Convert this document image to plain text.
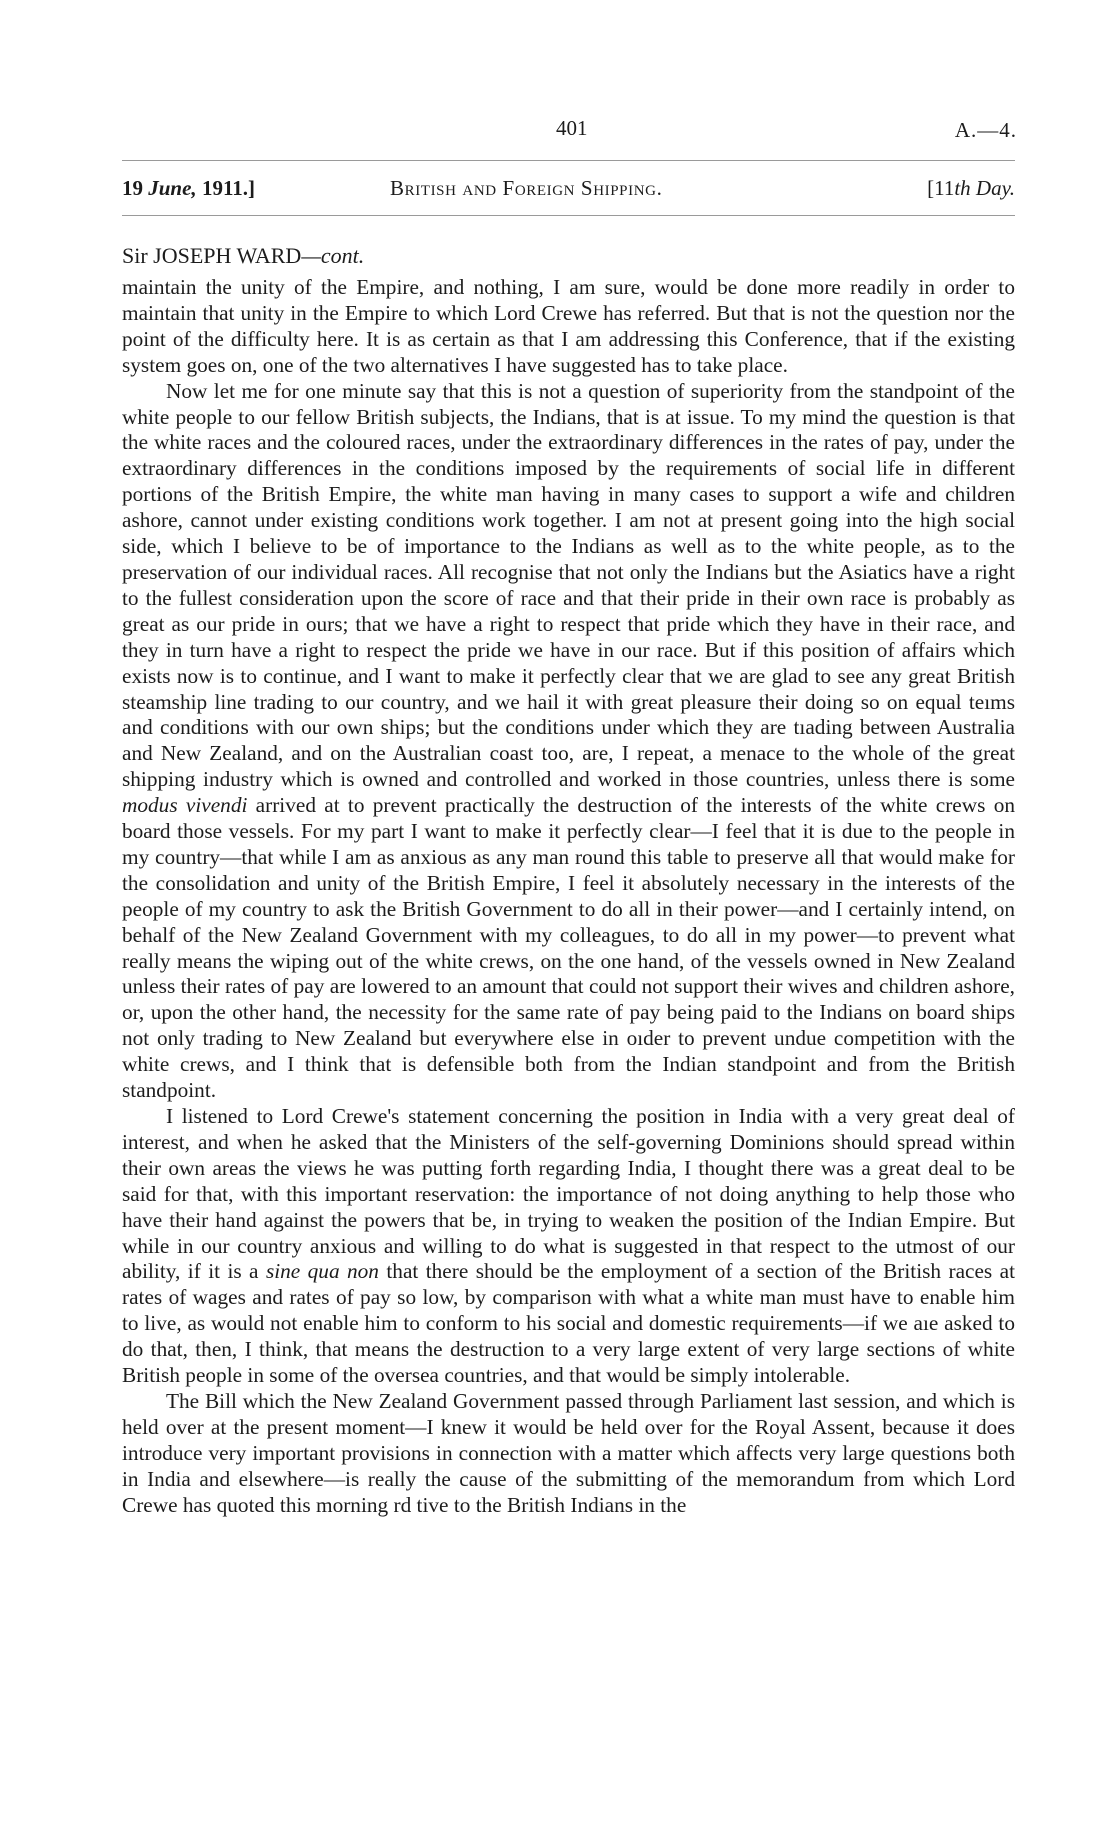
401	A.—4.
19 June, 1911.]	British and Foreign Shipping.	[11th Day.
Sir JOSEPH WARD—cont.

maintain the unity of the Empire, and nothing, I am sure, would be done more readily in order to maintain that unity in the Empire to which Lord Crewe has referred. But that is not the question nor the point of the difficulty here. It is as certain as that I am addressing this Conference, that if the existing system goes on, one of the two alternatives I have suggested has to take place.

Now let me for one minute say that this is not a question of superiority from the standpoint of the white people to our fellow British subjects, the Indians, that is at issue. To my mind the question is that the white races and the coloured races, under the extraordinary differences in the rates of pay, under the extraordinary differences in the conditions imposed by the requirements of social life in different portions of the British Empire, the white man having in many cases to support a wife and children ashore, cannot under existing conditions work together. I am not at present going into the high social side, which I believe to be of importance to the Indians as well as to the white people, as to the preservation of our individual races. All recognise that not only the Indians but the Asiatics have a right to the fullest consideration upon the score of race and that their pride in their own race is probably as great as our pride in ours; that we have a right to respect that pride which they have in their race, and they in turn have a right to respect the pride we have in our race. But if this position of affairs which exists now is to continue, and I want to make it perfectly clear that we are glad to see any great British steamship line trading to our country, and we hail it with great pleasure their doing so on equal teıms and conditions with our own ships; but the conditions under which they are tıading between Australia and New Zealand, and on the Australian coast too, are, I repeat, a menace to the whole of the great shipping industry which is owned and controlled and worked in those countries, unless there is some modus vivendi arrived at to prevent practically the destruction of the interests of the white crews on board those vessels. For my part I want to make it perfectly clear—I feel that it is due to the people in my country—that while I am as anxious as any man round this table to preserve all that would make for the consolidation and unity of the British Empire, I feel it absolutely necessary in the interests of the people of my country to ask the British Government to do all in their power—and I certainly intend, on behalf of the New Zealand Government with my colleagues, to do all in my power—to prevent what really means the wiping out of the white crews, on the one hand, of the vessels owned in New Zealand unless their rates of pay are lowered to an amount that could not support their wives and children ashore, or, upon the other hand, the necessity for the same rate of pay being paid to the Indians on board ships not only trading to New Zealand but everywhere else in oıder to prevent undue competition with the white crews, and I think that is defensible both from the Indian standpoint and from the British standpoint.

I listened to Lord Crewe's statement concerning the position in India with a very great deal of interest, and when he asked that the Ministers of the self-governing Dominions should spread within their own areas the views he was putting forth regarding India, I thought there was a great deal to be said for that, with this important reservation: the importance of not doing anything to help those who have their hand against the powers that be, in trying to weaken the position of the Indian Empire. But while in our country anxious and willing to do what is suggested in that respect to the utmost of our ability, if it is a sine qua non that there should be the employment of a section of the British races at rates of wages and rates of pay so low, by comparison with what a white man must have to enable him to live, as would not enable him to conform to his social and domestic requirements—if we aıe asked to do that, then, I think, that means the destruction to a very large extent of very large sections of white British people in some of the oversea countries, and that would be simply intolerable.

The Bill which the New Zealand Government passed through Parliament last session, and which is held over at the present moment—I knew it would be held over for the Royal Assent, because it does introduce very important provisions in connection with a matter which affects very large questions both in India and elsewhere—is really the cause of the submitting of the memorandum from which Lord Crewe has quoted this morning rd tive to the British Indians in the
